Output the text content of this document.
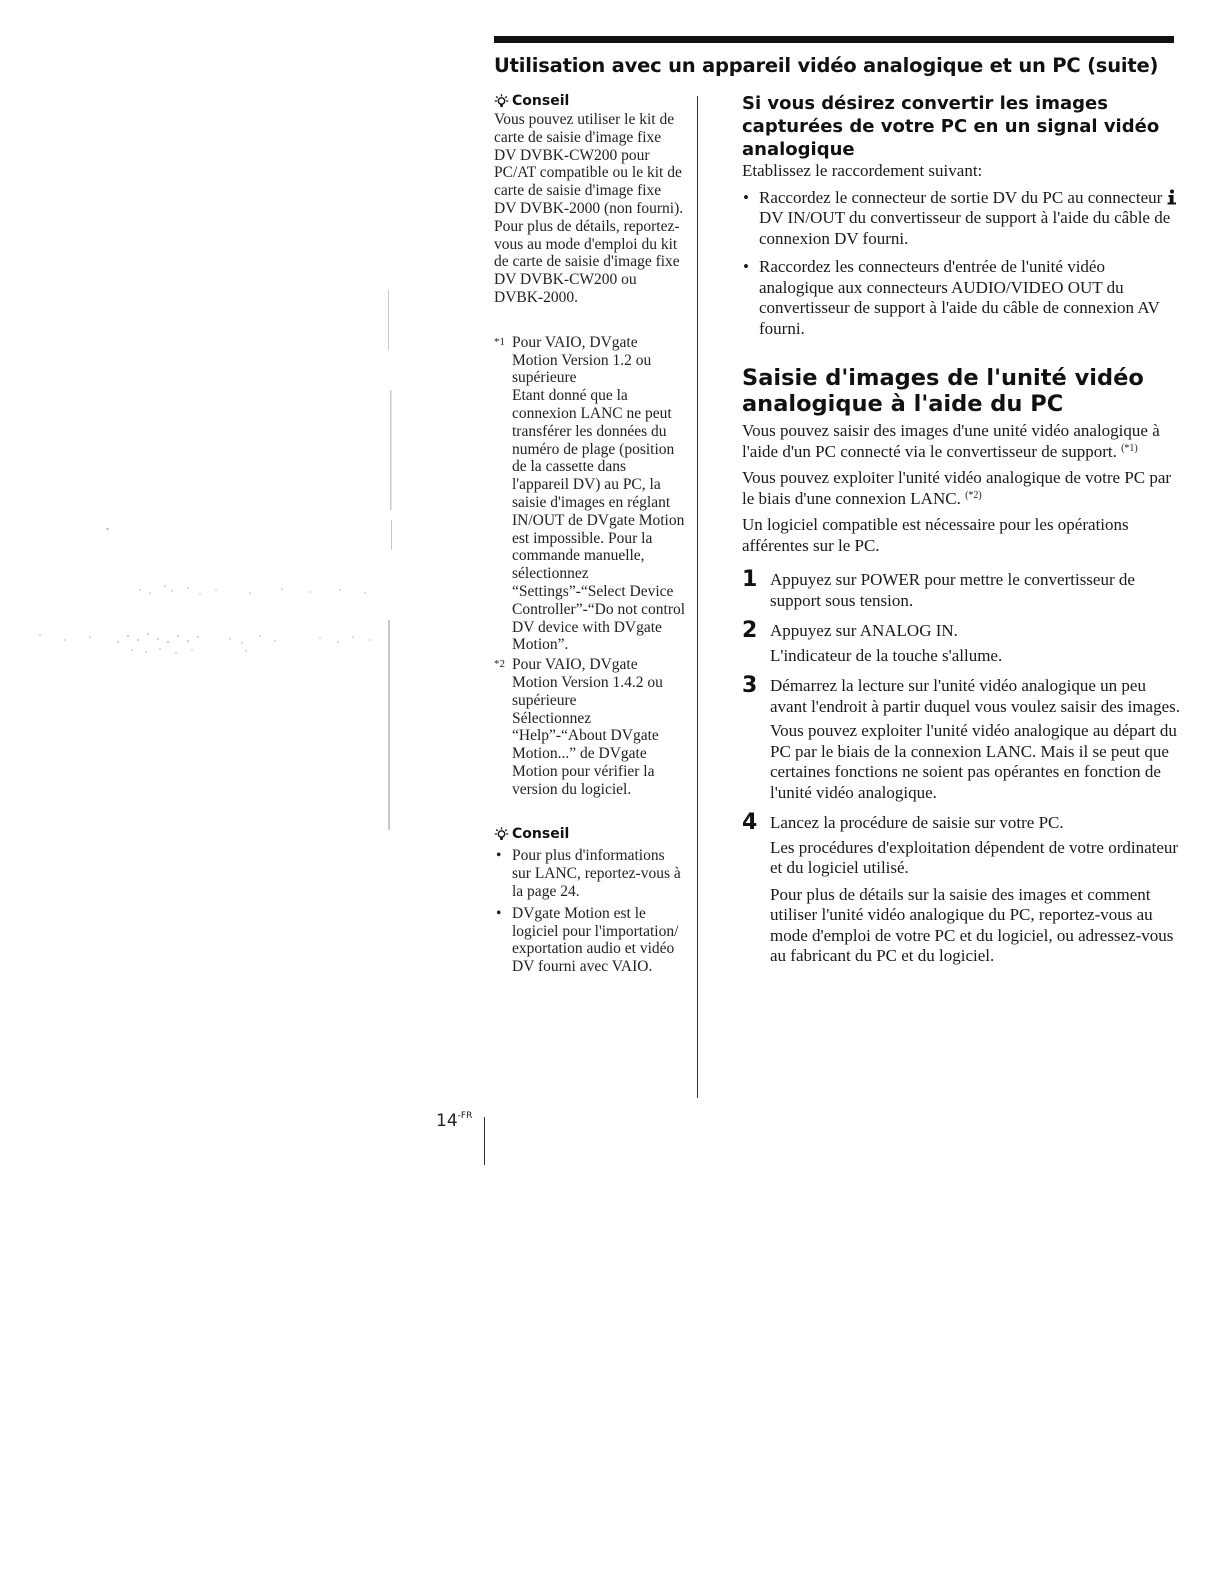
Utilisation avec un appareil vidéo analogique et un PC (suite)
Conseil

Vous pouvez utiliser le kit de carte de saisie d'image fixe DV DVBK-CW200 pour PC/AT compatible ou le kit de carte de saisie d'image fixe DV DVBK-2000 (non fourni). Pour plus de détails, reportez-vous au mode d'emploi du kit de carte de saisie d'image fixe DV DVBK-CW200 ou DVBK-2000.

*1 Pour VAIO, DVgate Motion Version 1.2 ou supérieure

Etant donné que la connexion LANC ne peut transférer les données du numéro de plage (position de la cassette dans l'appareil DV) au PC, la saisie d'images en réglant IN/OUT de DVgate Motion est impossible. Pour la commande manuelle, sélectionnez “Settings”-“Select Device Controller”-“Do not control DV device with DVgate Motion”.

*2 Pour VAIO, DVgate Motion Version 1.4.2 ou supérieure

Sélectionnez “Help”-“About DVgate Motion...” de DVgate Motion pour vérifier la version du logiciel.

Conseil
• Pour plus d'informations sur LANC, reportez-vous à la page 24.
• DVgate Motion est le logiciel pour l'importation/ exportation audio et vidéo DV fourni avec VAIO.
Si vous désirez convertir les images capturées de votre PC en un signal vidéo analogique

Etablissez le raccordement suivant:

• Raccordez le connecteur de sortie DV du PC au connecteur  DV IN/OUT du convertisseur de support à l'aide du câble de connexion DV fourni.
• Raccordez les connecteurs d'entrée de l'unité vidéo analogique aux connecteurs AUDIO/VIDEO OUT du convertisseur de support à l'aide du câble de connexion AV fourni.
Saisie d'images de l'unité vidéo analogique à l'aide du PC

Vous pouvez saisir des images d'une unité vidéo analogique à l'aide d'un PC connecté via le convertisseur de support. $^{(*1)}$

Vous pouvez exploiter l'unité vidéo analogique de votre PC par le biais d'une connexion LANC. $^{(*2)}$

Un logiciel compatible est nécessaire pour les opérations afférentes sur le PC.

1 Appuyez sur POWER pour mettre le convertisseur de support sous tension.

2 Appuyez sur ANALOG IN.

L'indicateur de la touche s'allume.

3 Démarrez la lecture sur l'unité vidéo analogique un peu avant l'endroit à partir duquel vous voulez saisir des images.

Vous pouvez exploiter l'unité vidéo analogique au départ du PC par le biais de la connexion LANC. Mais il se peut que certaines fonctions ne soient pas opérantes en fonction de l'unité vidéo analogique.

4 Lancez la procédure de saisie sur votre PC.

Les procédures d'exploitation dépendent de votre ordinateur et du logiciel utilisé.

Pour plus de détails sur la saisie des images et comment utiliser l'unité vidéo analogique du PC, reportez-vous au mode d'emploi de votre PC et du logiciel, ou adressez-vous au fabricant du PC et du logiciel.

$14^{-FR}$
